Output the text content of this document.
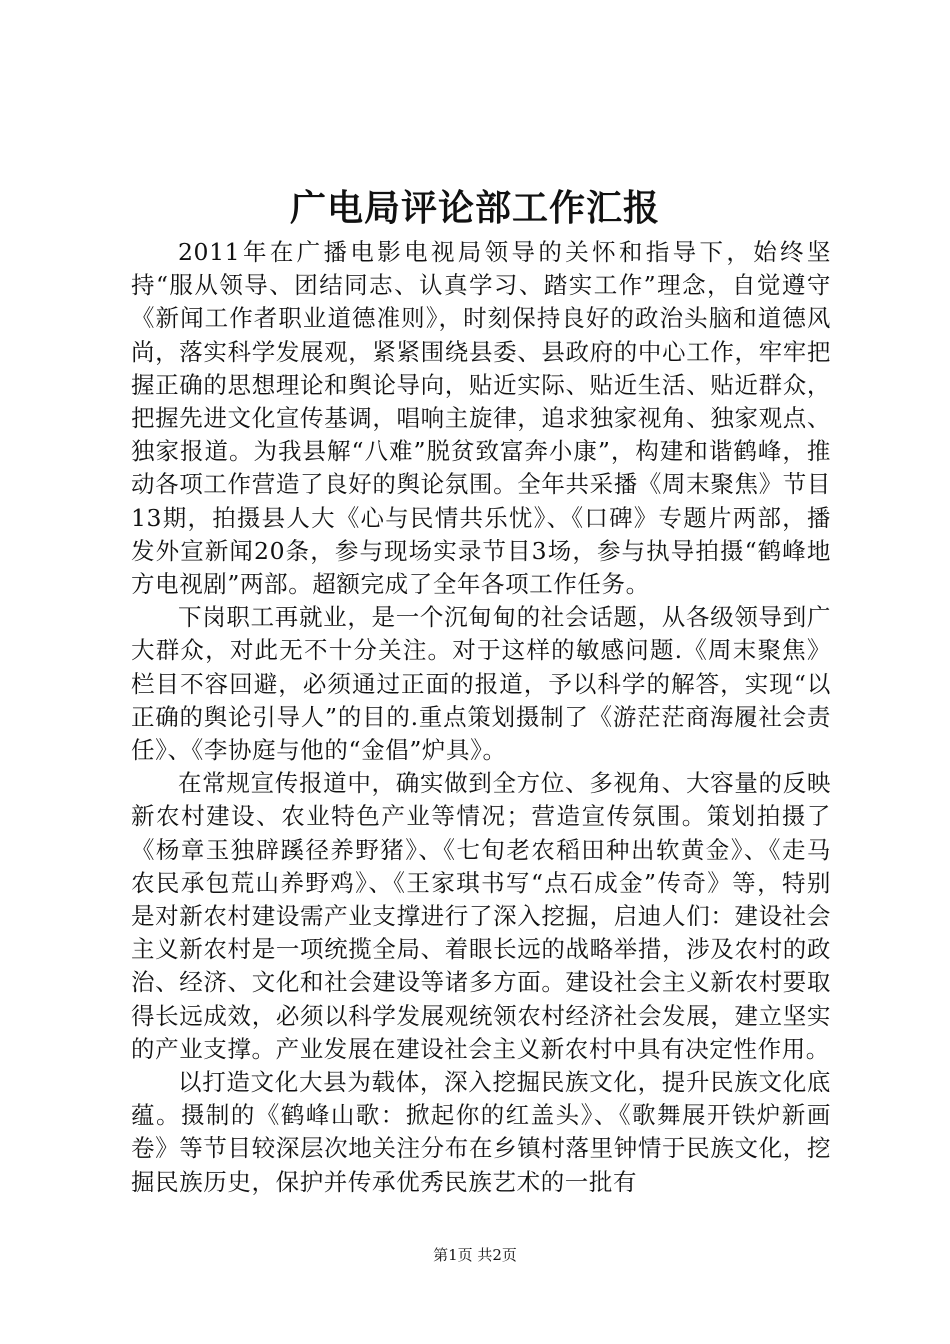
广电局评论部工作汇报

2011年在广播电影电视局领导的关怀和指导下，始终坚持“服从领导、团结同志、认真学习、踏实工作”理念，自觉遵守《新闻工作者职业道德准则》，时刻保持良好的政治头脑和道德风尚，落实科学发展观，紧紧围绕县委、县政府的中心工作，牢牢把握正确的思想理论和舆论导向，贴近实际、贴近生活、贴近群众，把握先进文化宣传基调，唱响主旋律，追求独家视角、独家观点、独家报道。为我县解“八难”脱贫致富奔小康”，构建和谐鹤峰，推动各项工作营造了良好的舆论氛围。全年共采播《周末聚焦》节目13期，拍摄县人大《心与民情共乐忧》、《口碑》专题片两部，播发外宣新闻20条，参与现场实录节目3场，参与执导拍摄“鹤峰地方电视剧”两部。超额完成了全年各项工作任务。

下岗职工再就业，是一个沉甸甸的社会话题，从各级领导到广大群众，对此无不十分关注。对于这样的敏感问题.《周末聚焦》栏目不容回避，必须通过正面的报道，予以科学的解答，实现“以正确的舆论引导人”的目的.重点策划摄制了《游茫茫商海履社会责任》、《李协庭与他的“金倡”炉具》。

在常规宣传报道中，确实做到全方位、多视角、大容量的反映新农村建设、农业特色产业等情况；营造宣传氛围。策划拍摄了《杨章玉独辟蹊径养野猪》、《七旬老农稻田种出软黄金》、《走马农民承包荒山养野鸡》、《王家琪书写“点石成金”传奇》等，特别是对新农村建设需产业支撑进行了深入挖掘，启迪人们：建设社会主义新农村是一项统揽全局、着眼长远的战略举措，涉及农村的政治、经济、文化和社会建设等诸多方面。建设社会主义新农村要取得长远成效，必须以科学发展观统领农村经济社会发展，建立坚实的产业支撑。产业发展在建设社会主义新农村中具有决定性作用。

以打造文化大县为载体，深入挖掘民族文化，提升民族文化底蕴。摄制的《鹤峰山歌：掀起你的红盖头》、《歌舞展开铁炉新画卷》等节目较深层次地关注分布在乡镇村落里钟情于民族文化，挖掘民族历史，保护并传承优秀民族艺术的一批有

第1页 共2页
